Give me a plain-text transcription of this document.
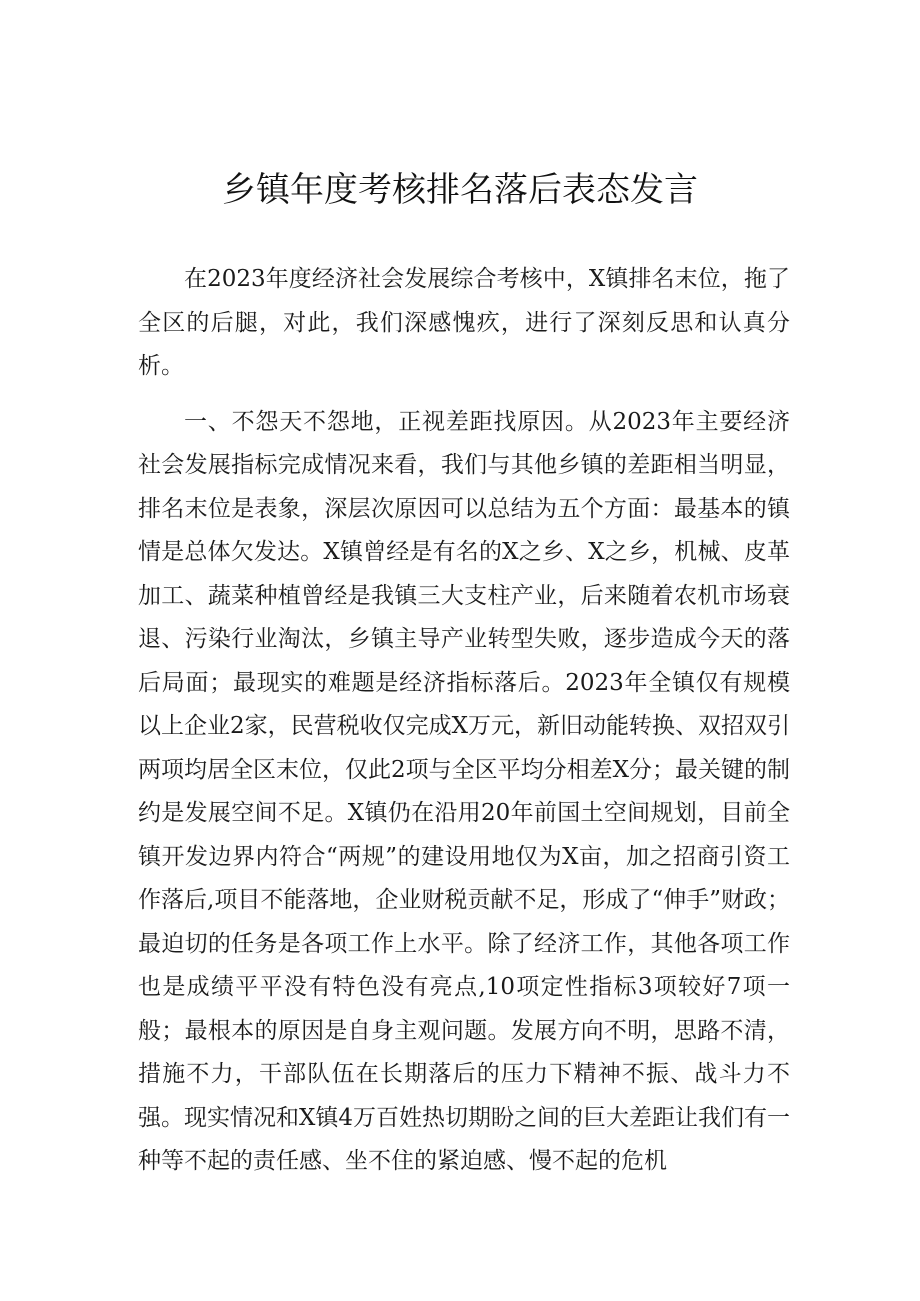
乡镇年度考核排名落后表态发言

在2023年度经济社会发展综合考核中，X镇排名末位，拖了全区的后腿，对此，我们深感愧疚，进行了深刻反思和认真分析。

一、不怨天不怨地，正视差距找原因。从2023年主要经济社会发展指标完成情况来看，我们与其他乡镇的差距相当明显，排名末位是表象，深层次原因可以总结为五个方面：最基本的镇情是总体欠发达。X镇曾经是有名的X之乡、X之乡，机械、皮革加工、蔬菜种植曾经是我镇三大支柱产业，后来随着农机市场衰退、污染行业淘汰，乡镇主导产业转型失败，逐步造成今天的落后局面；最现实的难题是经济指标落后。2023年全镇仅有规模以上企业2家，民营税收仅完成X万元，新旧动能转换、双招双引两项均居全区末位，仅此2项与全区平均分相差X分；最关键的制约是发展空间不足。X镇仍在沿用20年前国土空间规划，目前全镇开发边界内符合“两规”的建设用地仅为X亩，加之招商引资工作落后,项目不能落地，企业财税贡献不足，形成了“伸手”财政；最迫切的任务是各项工作上水平。除了经济工作，其他各项工作也是成绩平平没有特色没有亮点,10项定性指标3项较好7项一般；最根本的原因是自身主观问题。发展方向不明，思路不清，措施不力，干部队伍在长期落后的压力下精神不振、战斗力不强。现实情况和X镇4万百姓热切期盼之间的巨大差距让我们有一种等不起的责任感、坐不住的紧迫感、慢不起的危机
